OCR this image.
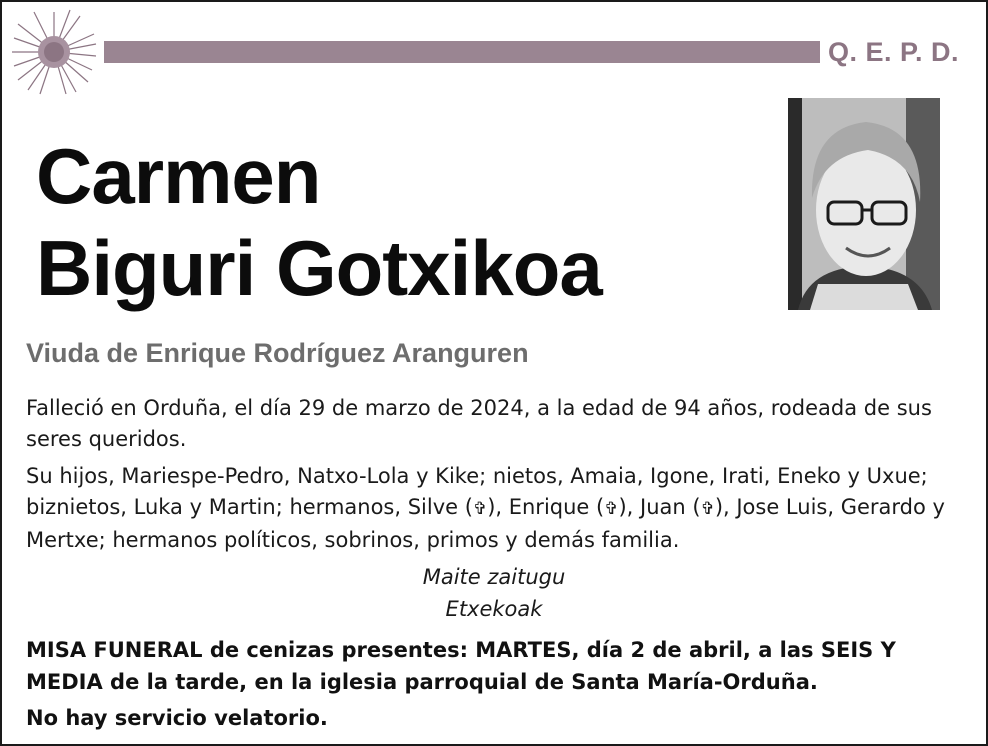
Q. E. P. D.
Carmen
Biguri Gotxikoa
Viuda de Enrique Rodríguez Aranguren

Falleció en Orduña, el día 29 de marzo de 2024, a la edad de 94 años, rodeada de sus seres queridos.

Su hijos, Mariespe-Pedro, Natxo-Lola y Kike; nietos, Amaia, Igone, Irati, Eneko y Uxue; biznietos, Luka y Martin; hermanos, Silve (✞), Enrique (✞), Juan (✞), Jose Luis, Gerardo y Mertxe; hermanos políticos, sobrinos, primos y demás familia.

Maite zaitugu
Etxekoak
MISA FUNERAL de cenizas presentes: MARTES, día 2 de abril, a las SEIS Y MEDIA de la tarde, en la iglesia parroquial de Santa María-Orduña.
No hay servicio velatorio.
